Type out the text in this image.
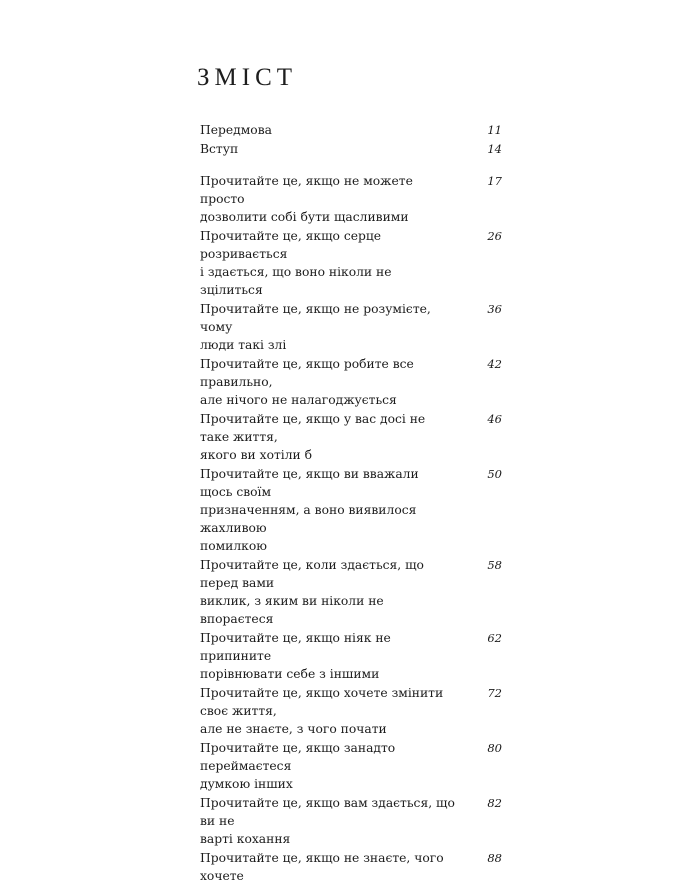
ЗМІСТ
Передмова	11
Вступ	14
Прочитайте це, якщо не можете просто
дозволити собі бути щасливими
17
Прочитайте це, якщо серце розривається
і здається, що воно ніколи не зцілиться
26
Прочитайте це, якщо не розумієте, чому
люди такі злі
36
Прочитайте це, якщо робите все правильно,
але нічого не налагоджується
42
Прочитайте це, якщо у вас досі не таке життя,
якого ви хотіли б
46
Прочитайте це, якщо ви вважали щось своїм
призначенням, а воно виявилося жахливою
помилкою
50
Прочитайте це, коли здається, що перед вами
виклик, з яким ви ніколи не впораєтеся
58
Прочитайте це, якщо ніяк не припините
порівнювати себе з іншими
62
Прочитайте це, якщо хочете змінити своє життя,
але не знаєте, з чого почати
72
Прочитайте це, якщо занадто переймаєтеся
думкою інших
80
Прочитайте це, якщо вам здається, що ви не
варті кохання
82
Прочитайте це, якщо не знаєте, чого хочете
88
